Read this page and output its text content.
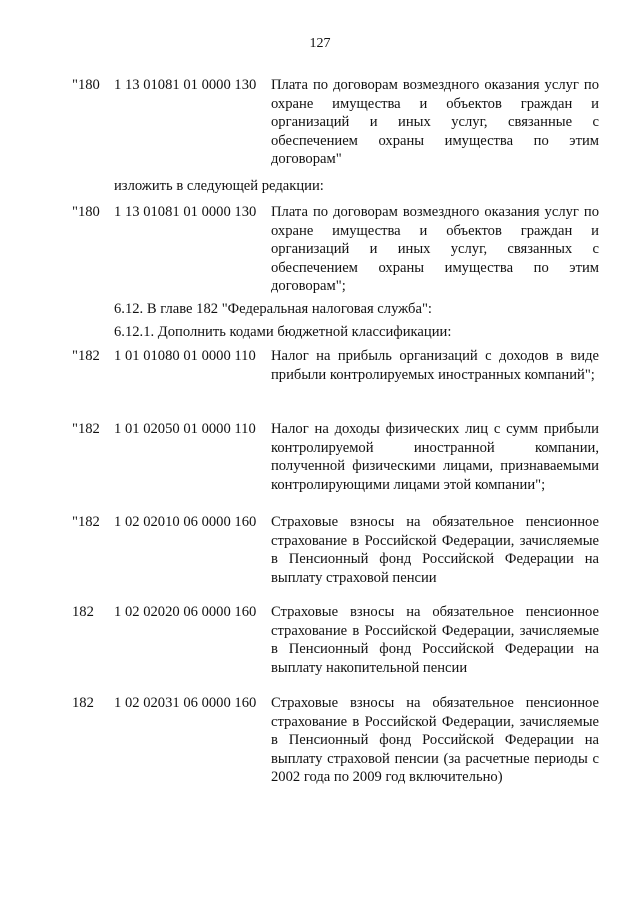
127
"180 1 13 01081 01 0000 130 Плата по договорам возмездного оказания услуг по охране имущества и объектов граждан и организаций и иных услуг, связанные с обеспечением охраны имущества по этим договорам"
изложить в следующей редакции:
"180 1 13 01081 01 0000 130 Плата по договорам возмездного оказания услуг по охране имущества и объектов граждан и организаций и иных услуг, связанных с обеспечением охраны имущества по этим договорам";
6.12. В главе 182 "Федеральная налоговая служба":
6.12.1. Дополнить кодами бюджетной классификации:
"182 1 01 01080 01 0000 110 Налог на прибыль организаций с доходов в виде прибыли контролируемых иностранных компаний";
"182 1 01 02050 01 0000 110 Налог на доходы физических лиц с сумм прибыли контролируемой иностранной компании, полученной физическими лицами, признаваемыми контролирующими лицами этой компании";
"182 1 02 02010 06 0000 160 Страховые взносы на обязательное пенсионное страхование в Российской Федерации, зачисляемые в Пенсионный фонд Российской Федерации на выплату страховой пенсии
182 1 02 02020 06 0000 160 Страховые взносы на обязательное пенсионное страхование в Российской Федерации, зачисляемые в Пенсионный фонд Российской Федерации на выплату накопительной пенсии
182 1 02 02031 06 0000 160 Страховые взносы на обязательное пенсионное страхование в Российской Федерации, зачисляемые в Пенсионный фонд Российской Федерации на выплату страховой пенсии (за расчетные периоды с 2002 года по 2009 год включительно)
